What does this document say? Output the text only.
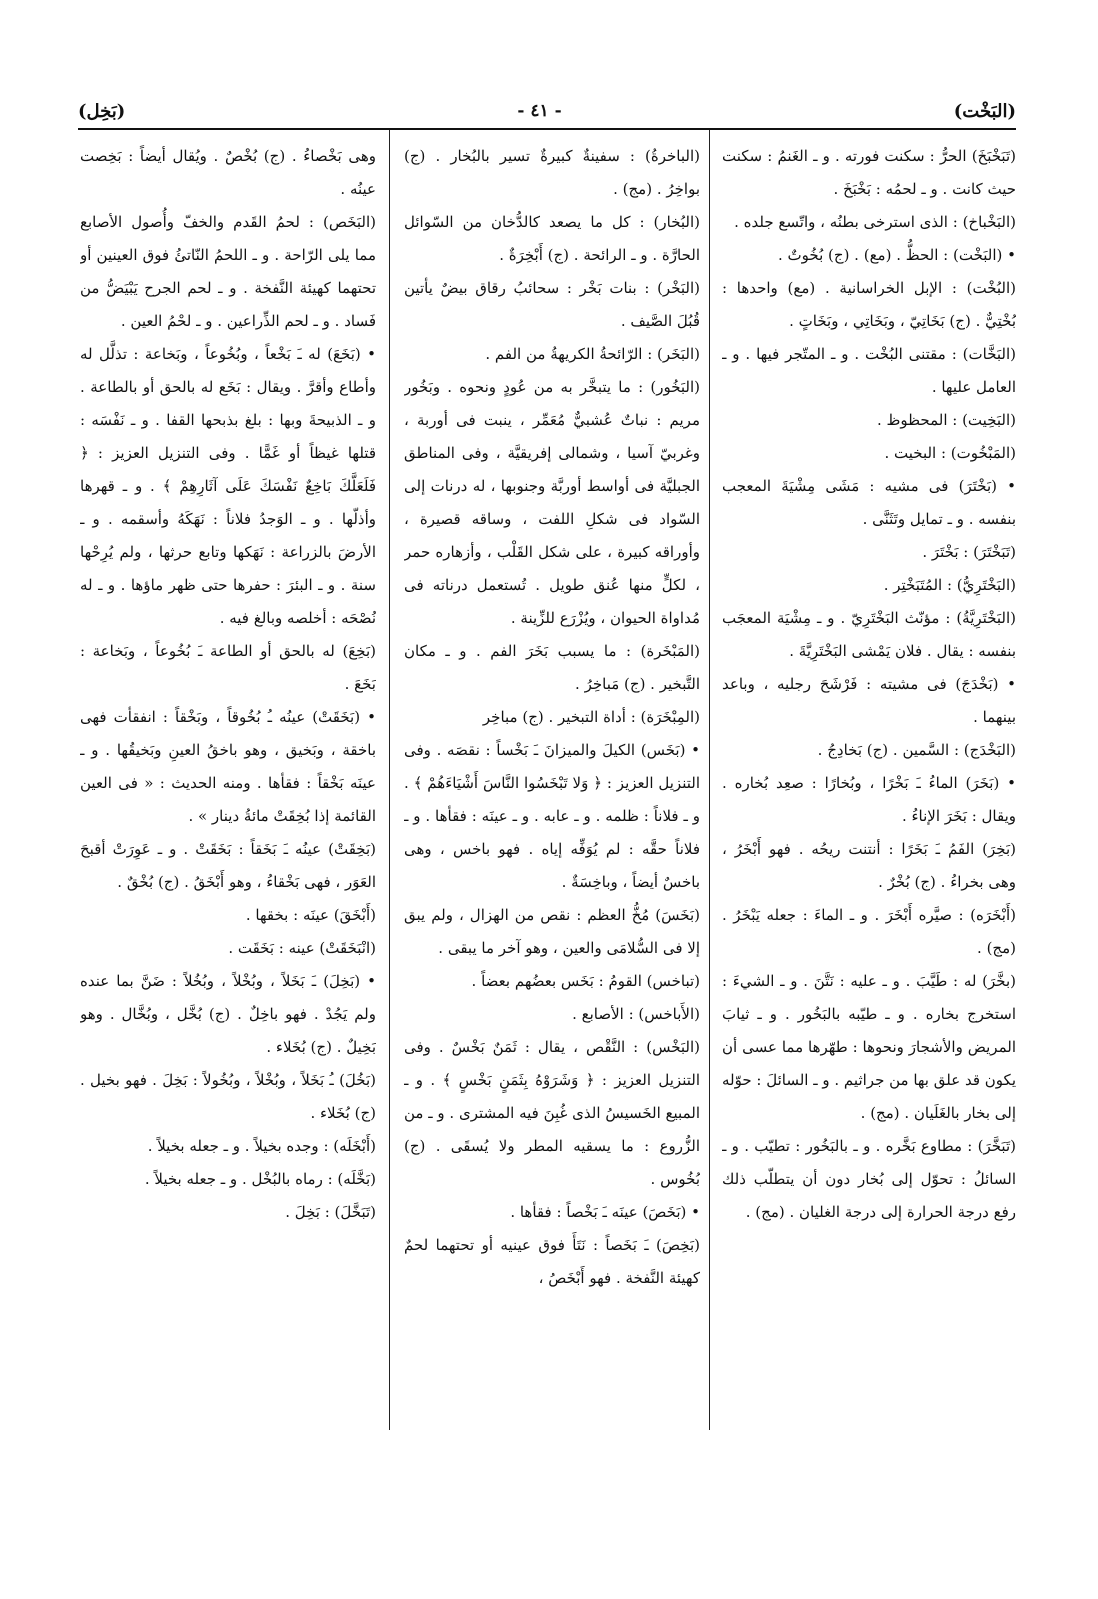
(البَخْت)
- ٤١ -
(بَخِل)

(تَبَخْبَخَ) الحرُّ : سكنت فورته . و ـ الغَنمُ : سكنت حيث كانت . و ـ لحمُه : بَخْبَخَ .

(البَخْباخ) : الذى استرخى بطنُه ، واتّسع جلده .

• (البَخْت) : الحظُّ . (مع) . (ج) بُخُوتٌ .

(البُخْت) : الإبل الخراسانية . (مع) واحدها : بُخْتِيٌّ . (ج) بَخَاتِيّ ، وبَخَاتِي ، وبَخَاتٍ .

(البَخَّات) : مقتنى البُخْت . و ـ المتّجر فيها . و ـ العامل عليها .

(البَخِيت) : المحظوظ .

(المَبْخُوت) : البخيت .

• (بَخْتَرَ) فى مشيه : مَشَى مِشْيَةَ المعجب بنفسه . و ـ تمايل وتَثَنَّى .

(تَبَخْتَرَ) : بَخْتَرَ .

(البَخْتَرِيُّ) : المُتَبَخْتِر .

(البَخْتَرِيَّةُ) : مؤنّث البَخْتَرِيّ . و ـ مِشْيَة المعجَب بنفسه : يقال . فلان يَمْشى البَخْتَرِيَّةَ .

• (بَخْدَجَ) فى مشيته : فَرْشَحَ رجليه ، وباعد بينهما .

(البَخْدَج) : السَّمين . (ج) بَخادِجُ .

• (بَخَرَ) الماءُ ـَ بَخْرًا ، وبُخارًا : صعِد بُخاره . ويقال : بَخَرَ الإناءُ .

(بَخِرَ) الفَمُ ـَ بَخَرًا : أنتنت ريحُه . فهو أَبْخَرُ ، وهى بخراءُ . (ج) بُخْرٌ .

(أَبْخَرَه) : صيَّره أَبْخَرَ . و ـ الماءَ : جعله يَبْخَرُ . (مج) .

(بخَّرَ) له : طَيَّبَ . و ـ عليه : نَتَّنَ . و ـ الشيءَ : استخرج بخاره . و ـ طيّبه بالبَخُور . و ـ ثيابَ المريض والأشجارَ ونحوها : طهّرها مما عسى أن يكون قد علق بها من جراثيم . و ـ السائلَ : حوّله إلى بخار بالغَلَيان . (مج) .

(تَبَخَّرَ) : مطاوع بَخَّره . و ـ بالبَخُور : تطيّب . و ـ السائلُ : تحوّل إلى بُخار دون أن يتطلّب ذلك رفع درجة الحرارة إلى درجة الغليان . (مج) .

(الباخرةُ) : سفينةٌ كبيرةٌ تسير بالبُخار . (ج) بواخِرُ . (مج) .

(البُخار) : كل ما يصعد كالدُّخان من السّوائل الحارَّة . و ـ الرائحة . (ج) أَبْخِرَةٌ .

(البَخْر) : بنات بَخْر : سحائبُ رقاق بيضٌ يأتين قُبُلَ الصَّيف .

(البَخَر) : الرّائحةُ الكريهةُ من الفم .

(البَخُور) : ما يتبخَّر به من عُودٍ ونحوه . وبَخُور مريم : نباتٌ عُشبيٌّ مُعَمِّر ، ينبت فى أوربة ، وغربيّ آسيا ، وشمالى إفريقيَّة ، وفى المناطق الجبليَّة فى أواسط أوربَّة وجنوبها ، له درنات إلى السّواد فى شكلِ اللفت ، وساقه قصيرة ، وأوراقه كبيرة ، على شكل القَلْب ، وأزهاره حمر ، لكلٍّ منها عُنق طويل . تُستعمل درناته فى مُداواة الحيوان ، ويُزْرَع للزِّينة .

(المَبْخَرة) : ما يسبب بَخَرَ الفم . و ـ مكان التَّبخير . (ج) مَباخِرُ .

(المِبْخَرَة) : أداة التبخير . (ج) مباخِر

• (بَخَس) الكيلَ والميزانَ ـَ بَخْساً : نقصَه . وفى التنزيل العزيز : ﴿ وَلا تَبْخَسُوا النَّاسَ أَشْيَاءَهُمْ ﴾ . و ـ فلاناً : ظلمه . و ـ عابه . و ـ عينَه : فقأها . و ـ فلاناً حقَّه : لم يُوَفِّه إياه . فهو باخس ، وهى باخسٌ أيضاً ، وباخِسَةٌ .

(بَخَسَ) مُخُّ العظم : نقص من الهزال ، ولم يبق إلا فى السُّلامَى والعين ، وهو آخر ما يبقى .

(تباخس) القومُ : بَخَس بعضُهم بعضاً .

(الأَباخس) : الأصابع .

(البَخْس) : النَّقْص ، يقال : ثَمَنٌ بَخْسٌ . وفى التنزيل العزيز : ﴿ وَشَرَوْهُ بِثَمَنٍ بَخْسٍ ﴾ . و ـ المبيع الخَسيسُ الذى غُبِنَ فيه المشترى . و ـ من الزُّروع : ما يسقيه المطر ولا يُسقَى . (ج) بُخُوس .

• (بَخَصَ) عينَه ـَ بَخْصاً : فقأها .

(بَخِصَ) ـَ بَخَصاً : نَتَأَ فوق عينيه أو تحتهما لحمٌ كهيئة النَّفخة . فهو أَبْخَصُ ،

وهى بَخْصاءُ . (ج) بُخْصٌ . ويُقال أيضاً : بَخِصت عينُه .

(البَخَص) : لحمُ القَدم والخفّ وأُصول الأصابع مما يلى الرّاحة . و ـ اللحمُ النّاتئُ فوق العينين أو تحتهما كهيئة النَّفخة . و ـ لحم الجرح يَبْيَضُّ من فَساد . و ـ لحم الذِّراعين . و ـ لحْمُ العين .

• (بَخَعَ) له ـَ بَخْعاً ، وبُخُوعاً ، وبَخاعة : تذلَّل له وأطاع وأقرَّ . ويقال : بَخَع له بالحق أو بالطاعة . و ـ الذبيحةَ وبها : بلغ بذبحها القفا . و ـ نَفْسَه : قتلها غيظاً أو غَمًّا . وفى التنزيل العزيز : ﴿ فَلَعَلَّكَ بَاخِعٌ نَفْسَكَ عَلَى آثَارِهِمْ ﴾ . و ـ قهرها وأذلّها . و ـ الوَجدُ فلاناً : نَهَكَهُ وأسقمه . و ـ الأرضَ بالزراعة : نَهَكها وتابع حرثها ، ولم يُرِحْها سنة . و ـ البئرَ : حفرها حتى ظهر ماؤها . و ـ له نُصْحَه : أخلصه وبالغ فيه .

(بَخِعَ) له بالحق أو الطاعة ـَ بُخُوعاً ، وبَخاعة : بَخَعَ .

• (بَخَقَتْ) عينُه ـُ بُخُوقاً ، وبَخْقاً : انفقأت فهى باخقة ، وبَخيق ، وهو باخقُ العينِ وبَخيقُها . و ـ عينَه بَخْقاً : فقأها . ومنه الحديث : « فى العين القائمة إذا بُخِقَتْ مائةُ دينار » .

(بَخِقَتْ) عينُه ـَ بَخَقاً : بَخَقَتْ . و ـ عَوِرَتْ أقبحَ العَوَر ، فهى بَخْقاءُ ، وهو أَبْخَقُ . (ج) بُخْقٌ .

(أَبْخَقَ) عينَه : بخقها .

(انْبَخَقَتْ) عينه : بَخَقَت .

• (بَخِلَ) ـَ بَخَلاً ، وبُخْلاً ، وبُخُلاً : ضَنَّ بما عنده ولم يَجُدْ . فهو باخِلٌ . (ج) بُخَّل ، وبُخَّال . وهو بَخِيلٌ . (ج) بُخَلاء .

(بَخُلَ) ـُ بَخَلاً ، وبُخْلاً ، وبُخُولاً : بَخِلَ . فهو بخيل . (ج) بُخَلاء .

(أَبْخَلَه) : وجده بخيلاً . و ـ جعله بخيلاً .

(بَخَّلَه) : رماه بالبُخْل . و ـ جعله بخيلاً .

(تَبَخَّلَ) : بَخِلَ .
